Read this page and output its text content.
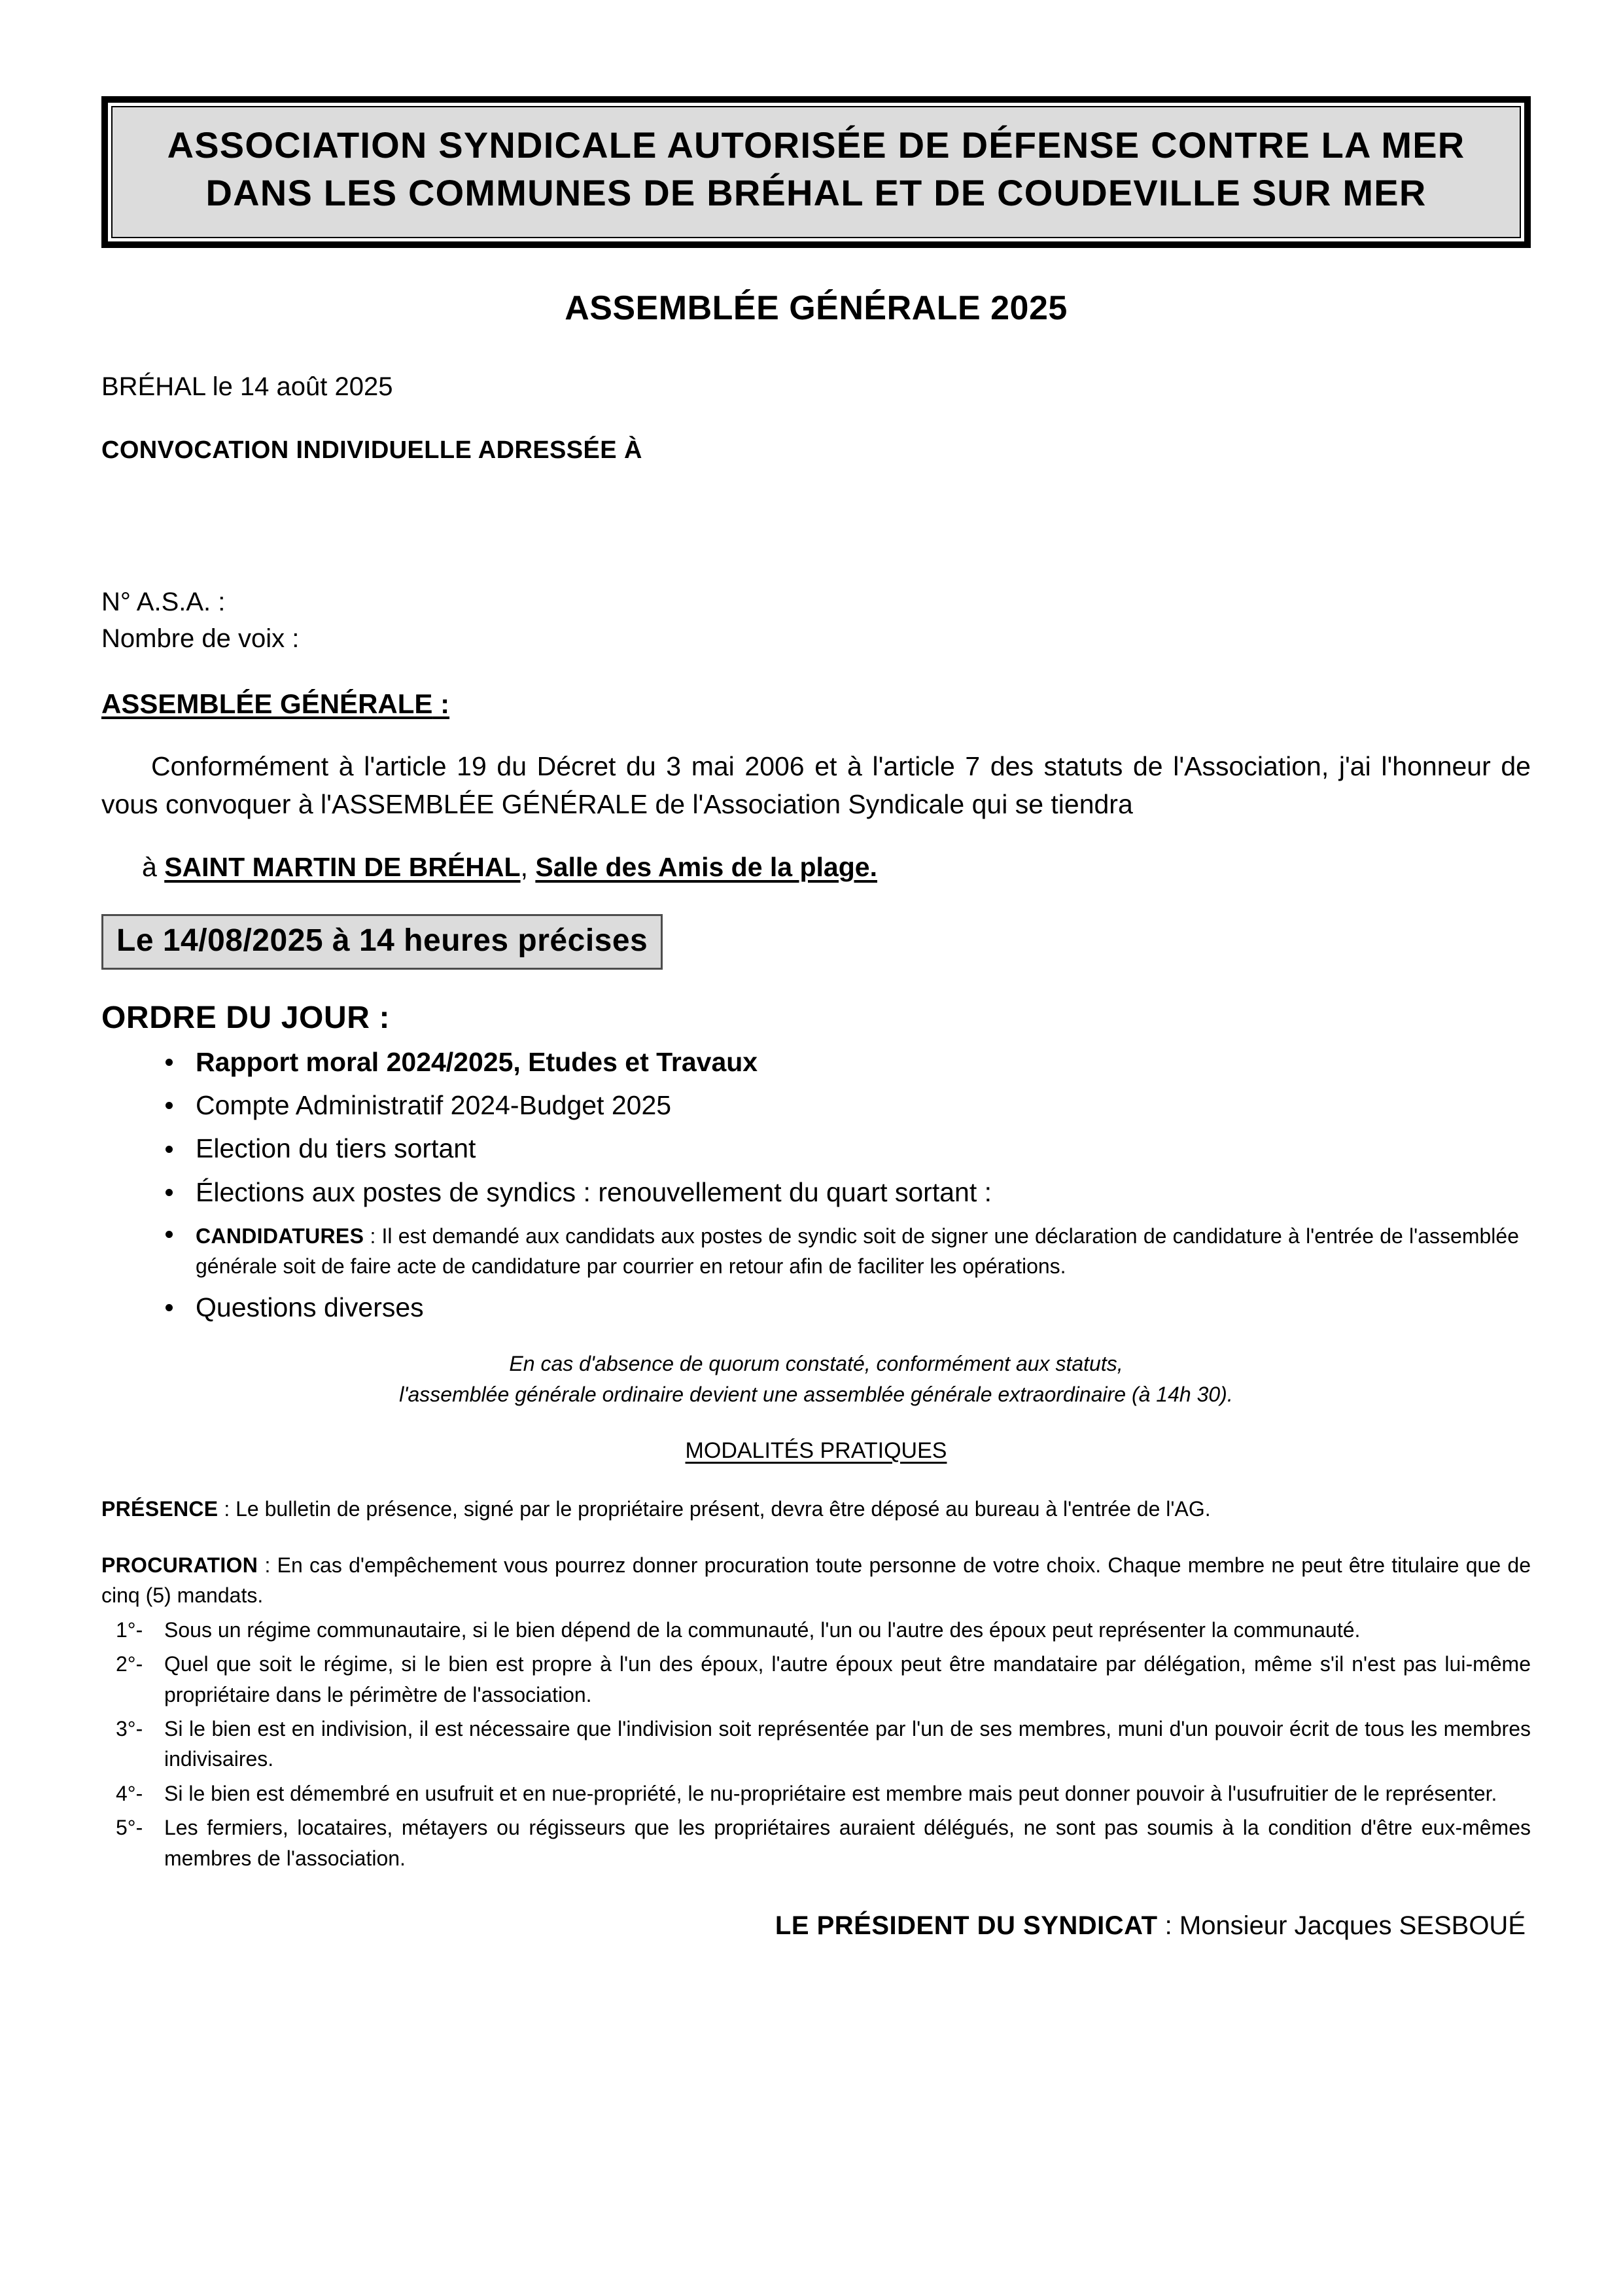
ASSOCIATION SYNDICALE AUTORISÉE DE DÉFENSE CONTRE LA MER
DANS LES COMMUNES DE BRÉHAL ET DE COUDEVILLE SUR MER
ASSEMBLÉE GÉNÉRALE 2025
BRÉHAL le 14 août 2025
CONVOCATION INDIVIDUELLE ADRESSÉE À
N° A.S.A. :
Nombre de voix :
ASSEMBLÉE GÉNÉRALE :
Conformément à l'article 19 du Décret du 3 mai 2006 et à l'article 7 des statuts de l'Association, j'ai l'honneur de vous convoquer à l'ASSEMBLÉE GÉNÉRALE de l'Association Syndicale qui se tiendra
à SAINT MARTIN DE BRÉHAL, Salle des Amis de la plage.
Le 14/08/2025 à 14 heures précises
ORDRE DU JOUR :
Rapport moral 2024/2025, Etudes et Travaux
Compte Administratif 2024-Budget 2025
Election du tiers sortant
Élections aux postes de syndics : renouvellement du quart sortant :
CANDIDATURES : Il est demandé aux candidats aux postes de syndic soit de signer une déclaration de candidature à l'entrée de l'assemblée générale soit de faire acte de candidature par courrier en retour afin de faciliter les opérations.
Questions diverses
En cas d'absence de quorum constaté, conformément aux statuts,
l'assemblée générale ordinaire devient une assemblée générale extraordinaire (à 14h 30).
MODALITÉS PRATIQUES
PRÉSENCE : Le bulletin de présence, signé par le propriétaire présent, devra être déposé au bureau à l'entrée de l'AG.
PROCURATION : En cas d'empêchement vous pourrez donner procuration toute personne de votre choix. Chaque membre ne peut être titulaire que de cinq (5) mandats.
1°-	Sous un régime communautaire, si le bien dépend de la communauté, l'un ou l'autre des époux peut représenter la communauté.
2°-	Quel que soit le régime, si le bien est propre à l'un des époux, l'autre époux peut être mandataire par délégation, même s'il n'est pas lui-même propriétaire dans le périmètre de l'association.
3°-	Si le bien est en indivision, il est nécessaire que l'indivision soit représentée par l'un de ses membres, muni d'un pouvoir écrit de tous les membres indivisaires.
4°-	Si le bien est démembré en usufruit et en nue-propriété, le nu-propriétaire est membre mais peut donner pouvoir à l'usufruitier de le représenter.
5°-	Les fermiers, locataires, métayers ou régisseurs que les propriétaires auraient délégués, ne sont pas soumis à la condition d'être eux-mêmes membres de l'association.
LE PRÉSIDENT DU SYNDICAT : Monsieur Jacques SESBOUÉ
